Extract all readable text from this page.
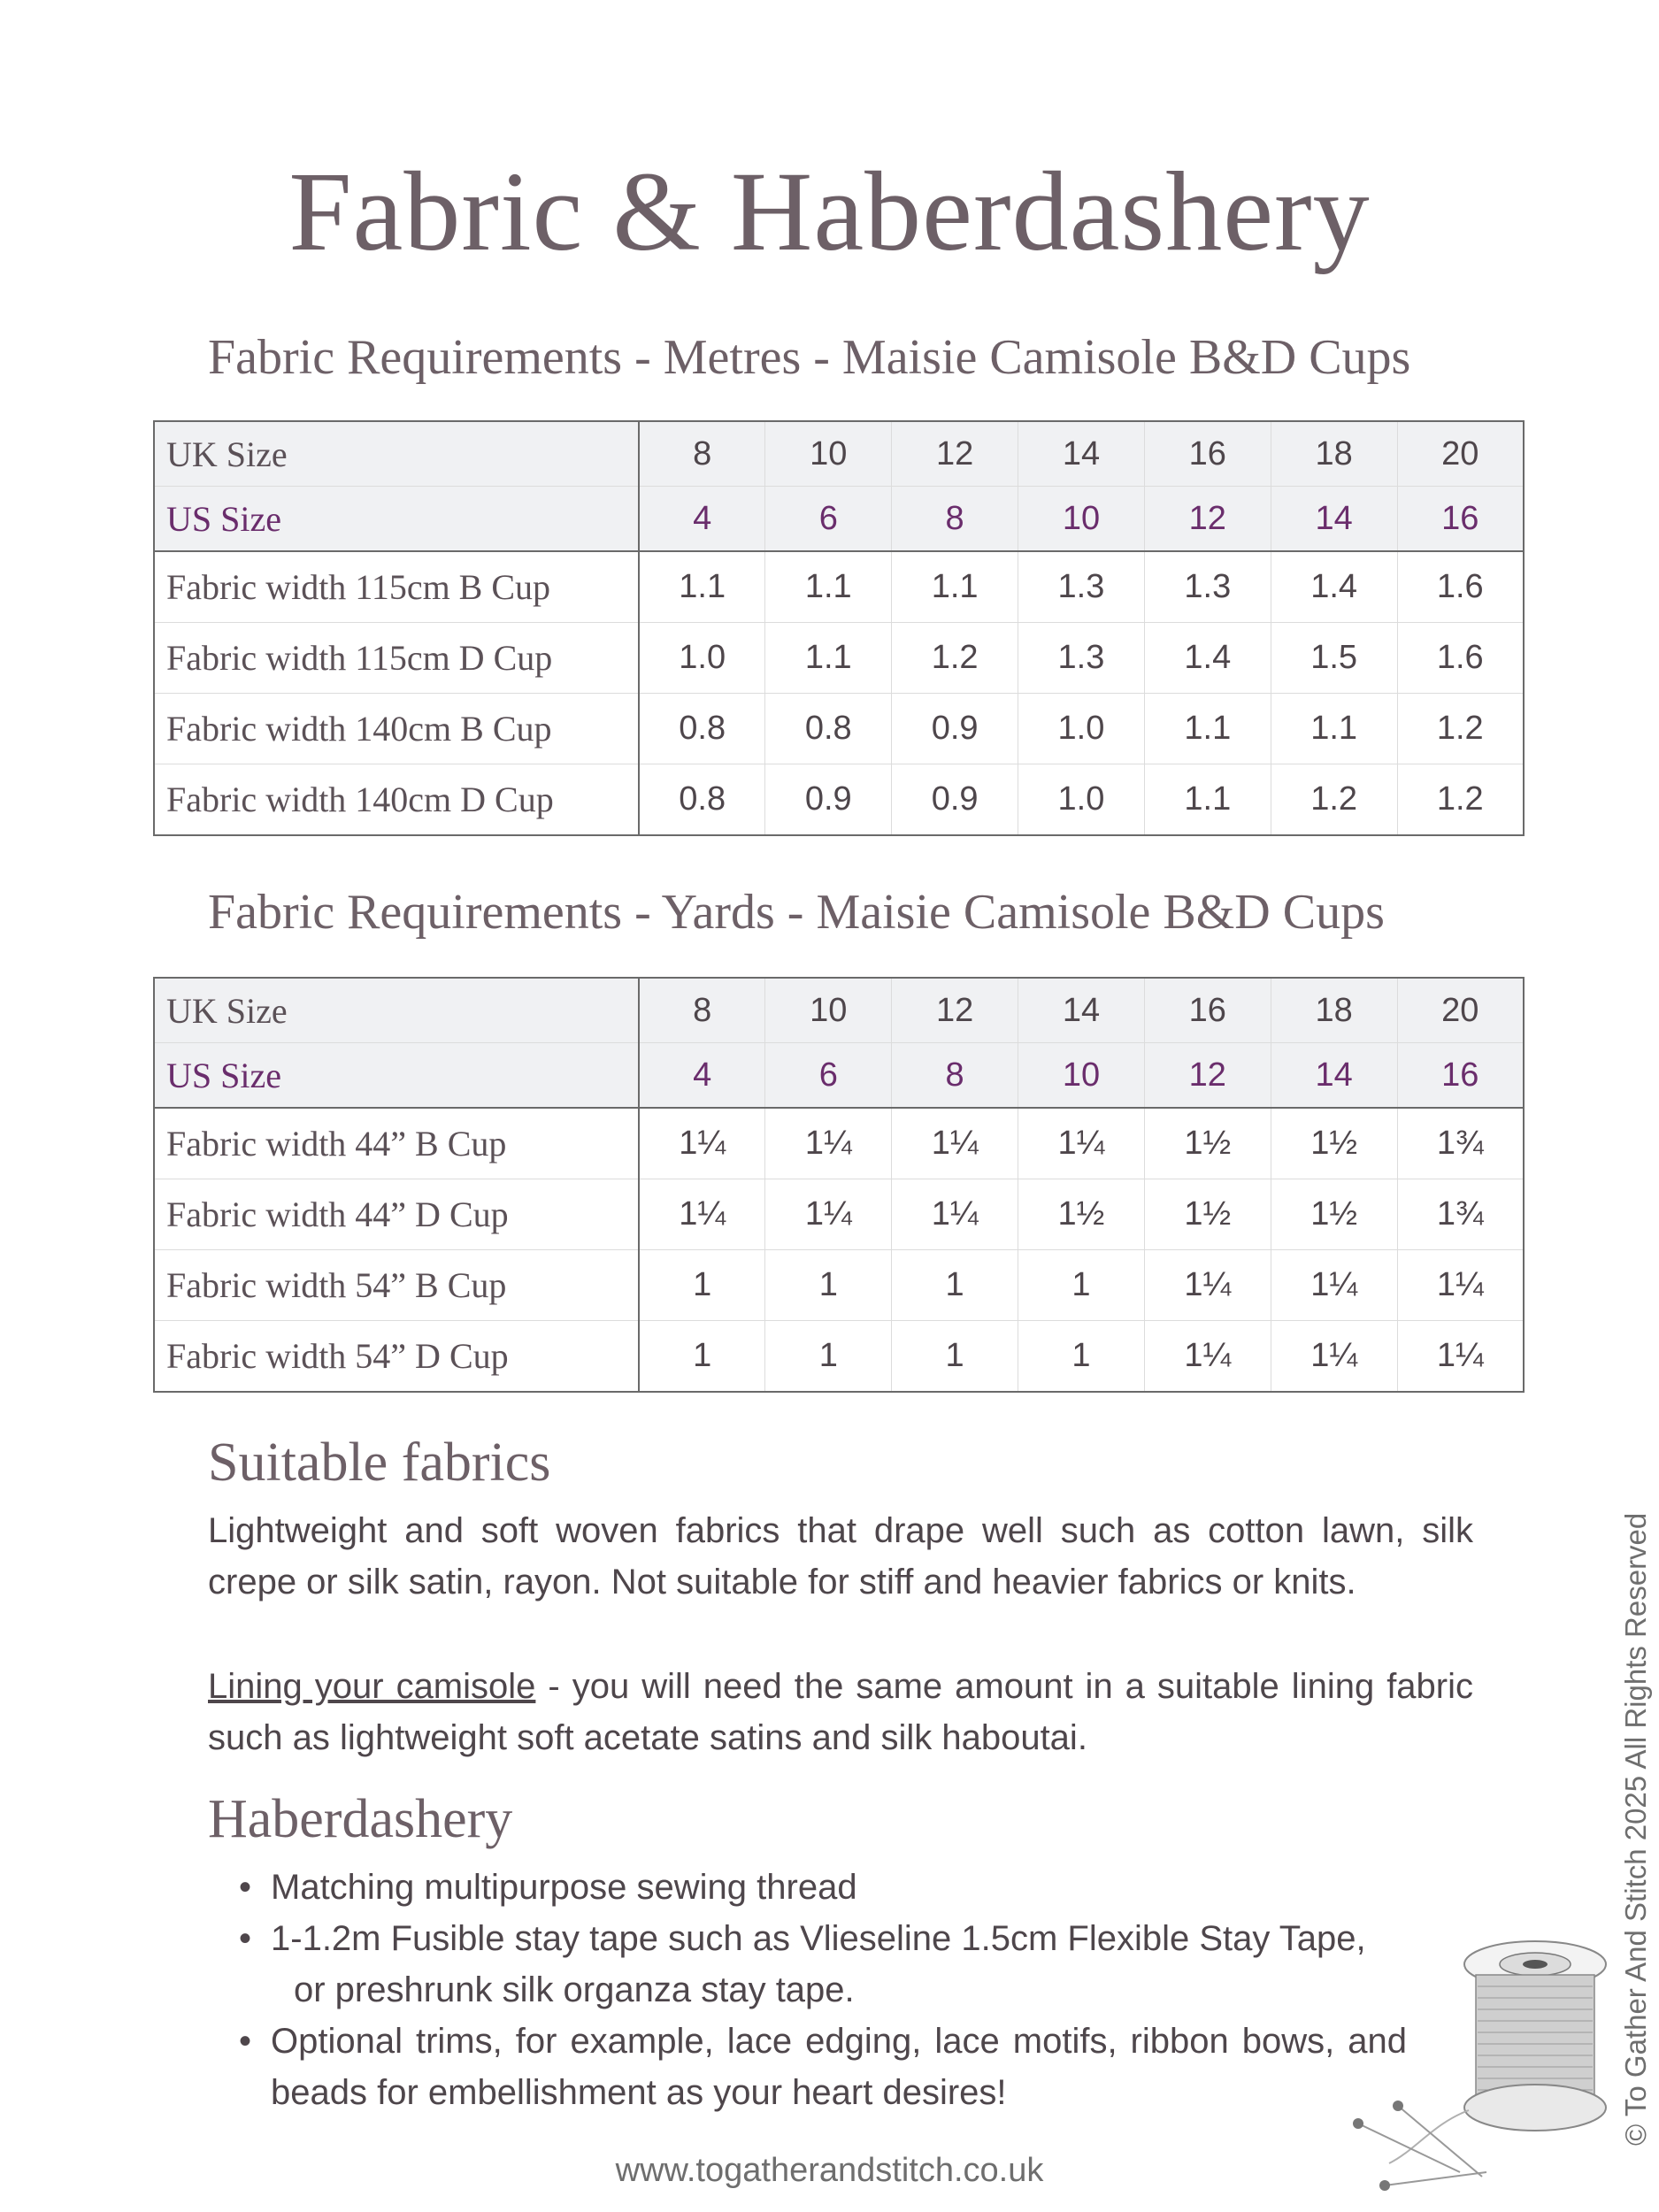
Fabric & Haberdashery
Fabric Requirements - Metres - Maisie Camisole B&D Cups
UK Size	8	10	12	14	16	18	20
US Size	4	6	8	10	12	14	16
Fabric width 115cm B Cup	1.1	1.1	1.1	1.3	1.3	1.4	1.6
Fabric width 115cm D Cup	1.0	1.1	1.2	1.3	1.4	1.5	1.6
Fabric width 140cm B Cup	0.8	0.8	0.9	1.0	1.1	1.1	1.2
Fabric width 140cm D Cup	0.8	0.9	0.9	1.0	1.1	1.2	1.2
Fabric Requirements - Yards - Maisie Camisole B&D Cups
UK Size	8	10	12	14	16	18	20
US Size	4	6	8	10	12	14	16
Fabric width 44” B Cup	1¼	1¼	1¼	1¼	1½	1½	1¾
Fabric width 44” D Cup	1¼	1¼	1¼	1½	1½	1½	1¾
Fabric width 54” B Cup	1	1	1	1	1¼	1¼	1¼
Fabric width 54” D Cup	1	1	1	1	1¼	1¼	1¼
Suitable fabrics
Lightweight and soft woven fabrics that drape well such as cotton lawn, silk crepe or silk satin, rayon. Not suitable for stiff and heavier fabrics or knits.
Lining your camisole - you will need the same amount in a suitable lining fabric such as lightweight soft acetate satins and silk haboutai.
Haberdashery
• Matching multipurpose sewing thread
• 1-1.2m Fusible stay tape such as Vlieseline 1.5cm Flexible Stay Tape,
or preshrunk silk organza stay tape.
• Optional trims, for example, lace edging, lace motifs, ribbon bows, and beads for embellishment as your heart desires!
www.togatherandstitch.co.uk
© To Gather And Stitch 2025 All Rights Reserved
